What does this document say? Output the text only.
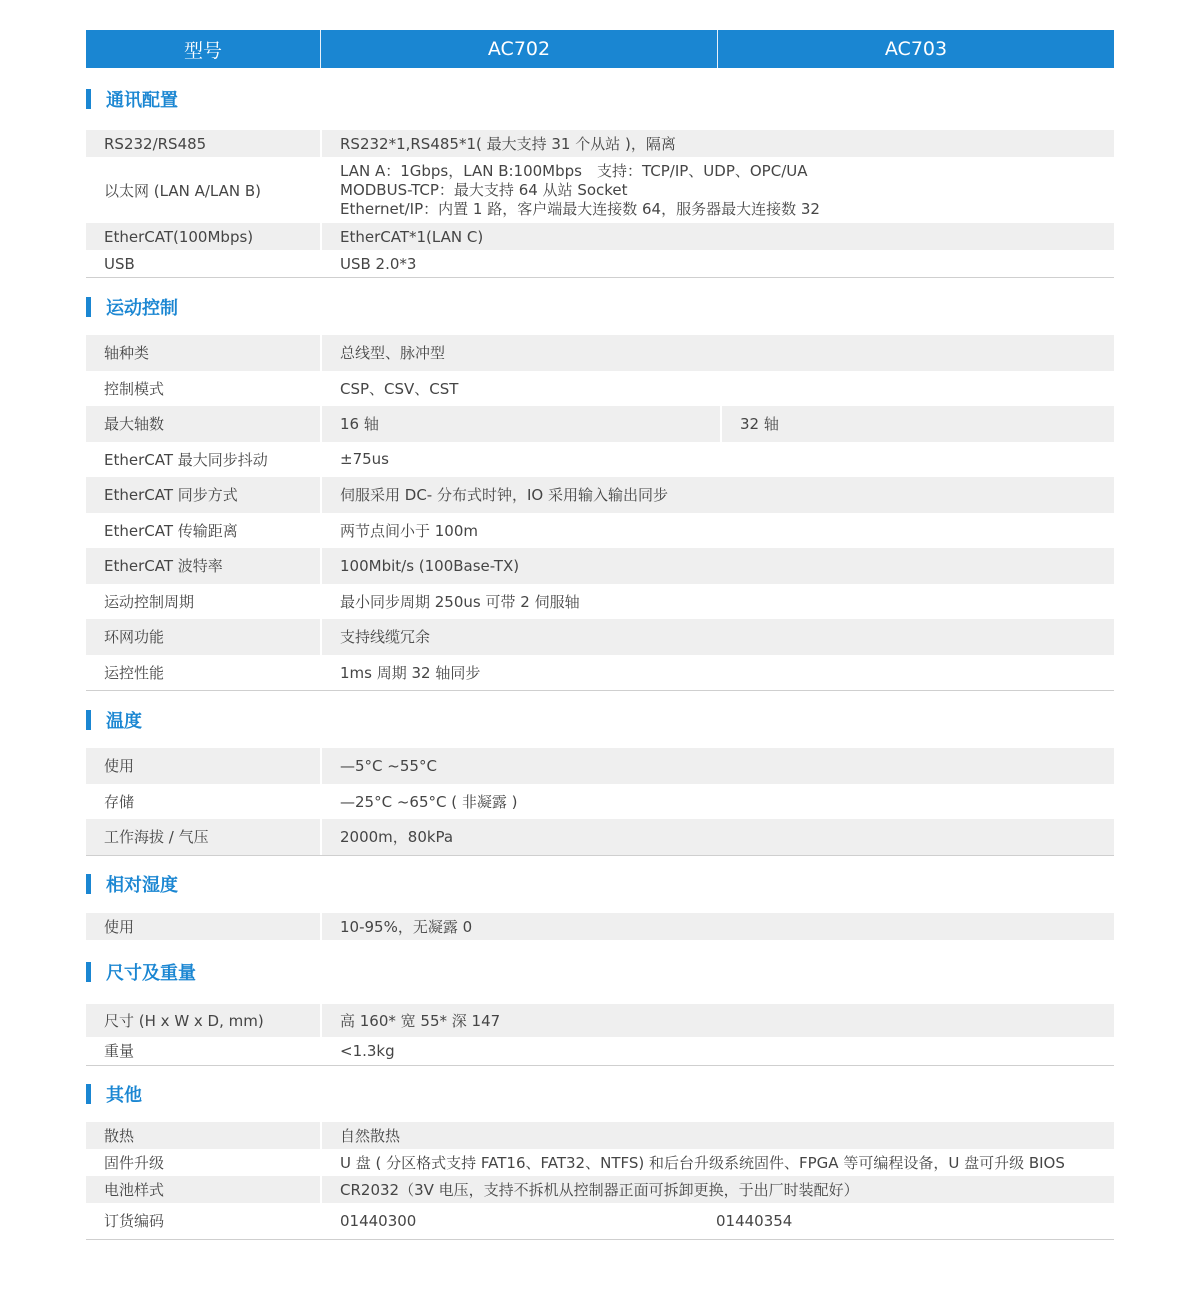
型号	AC702	AC703
通讯配置
RS232/RS485	RS232*1,RS485*1( 最大支持 31 个从站 )，隔离
以太网 (LAN A/LAN B)
LAN A：1Gbps，LAN B:100Mbps　支持：TCP/IP、UDP、OPC/UA
MODBUS-TCP：最大支持 64 从站 Socket
Ethernet/IP：内置 1 路，客户端最大连接数 64，服务器最大连接数 32
EtherCAT(100Mbps)	EtherCAT*1(LAN C)
USB	USB 2.0*3
运动控制
轴种类	总线型、脉冲型
控制模式	CSP、CSV、CST
最大轴数	16 轴	32 轴
EtherCAT 最大同步抖动	±75us
EtherCAT 同步方式	伺服采用 DC- 分布式时钟，IO 采用输入输出同步
EtherCAT 传输距离	两节点间小于 100m
EtherCAT 波特率	100Mbit/s (100Base-TX)
运动控制周期	最小同步周期 250us 可带 2 伺服轴
环网功能	支持线缆冗余
运控性能	1ms 周期 32 轴同步
温度
使用	—5°C ~55°C
存储	—25°C ~65°C ( 非凝露 )
工作海拔 / 气压	2000m，80kPa
相对湿度
使用	10-95%，无凝露 0
尺寸及重量
尺寸 (H x W x D, mm)	高 160* 宽 55* 深 147
重量	<1.3kg
其他
散热	自然散热
固件升级	U 盘 ( 分区格式支持 FAT16、FAT32、NTFS) 和后台升级系统固件、FPGA 等可编程设备，U 盘可升级 BIOS
电池样式	CR2032（3V 电压，支持不拆机从控制器正面可拆卸更换，于出厂时装配好）
订货编码	01440300	01440354
